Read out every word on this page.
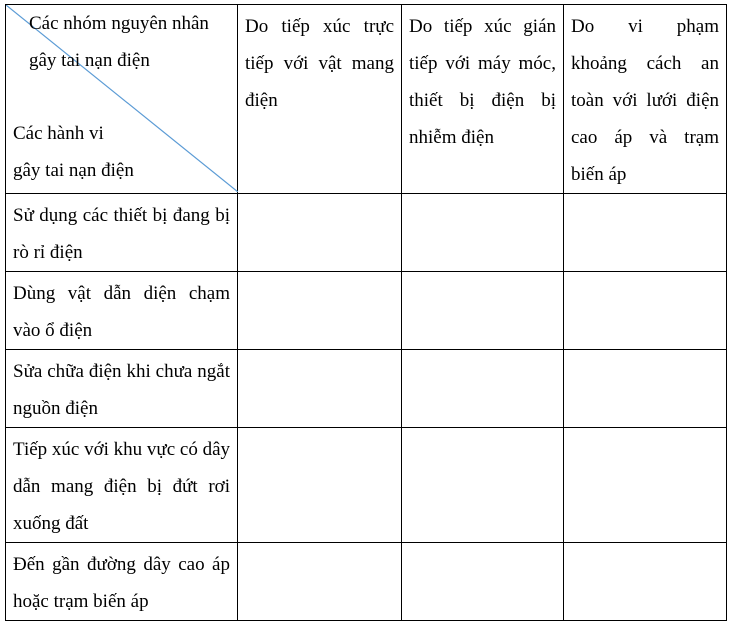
Các nhóm nguyên nhân
gây tai nạn điện
Các hành vi
gây tai nạn điện	Do tiếp xúc trực tiếp với vật mang điện	Do tiếp xúc gián tiếp với máy móc, thiết bị điện bị nhiễm điện	Do vi phạm khoảng cách an toàn với lưới điện cao áp và trạm biến áp
Sử dụng các thiết bị đang bị rò rỉ điện			
Dùng vật dẫn diện chạm vào ổ điện			
Sửa chữa điện khi chưa ngắt nguồn điện			
Tiếp xúc với khu vực có dây dẫn mang điện bị đứt rơi xuống đất			
Đến gần đường dây cao áp hoặc trạm biến áp			
